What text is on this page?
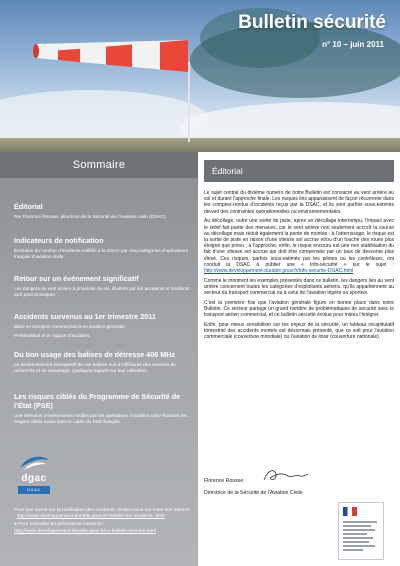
Bulletin sécurité
n° 10 – juin 2011
Sommaire
Éditorial

Par Florence Rousse, directrice de la Sécurité de l’Aviation civile (DSAC).

Indicateurs de notification

Évolution du nombre d’incidents notifiés à la DSAC par cinq catégories d’opérateurs français d’aviation civile.

Retour sur un événement significatif

Les dangers du vent arrière à proximité du sol, illustrés par les accidents et incidents qu’il peut provoquer.

Accidents survenus au 1er trimestre 2011

Bilan en transport commercial et en aviation générale.

Présentation d’un rapport d’accident.

Du bon usage des balises de détresse 406 MHz

Le déclenchement intempestif de ces balises nuit à l’efficacité des services de recherche et de sauvetage. Quelques rappels sur leur utilisation.

Les risques ciblés du Programme de Sécurité de l’État (PSE)

Une sélection d’événements notifiés par les opérateurs d’aviation civile illustrant les risques ciblés suivis dans le cadre du PSE français.

dgac
DSAC
Pour tout savoir sur la notification des incidents, rendez-vous sur notre site internet : http://www.developpement-durable.gouv.fr/-Notifier-les-incidents-.html
● Pour consulter les précédents numéros :
http://www.developpement-durable.gouv.fr/Le-bulletin-securite.html
Éditorial

Le sujet central du dixième numéro de notre Bulletin est consacré au vent arrière au sol et durant l’approche finale. Les risques liés apparaissent de façon récurrente dans les comptes-rendus d’incidents reçus par la DSAC, et ils sont parfois sous-estimés devant des contraintes opérationnelles ou environnementales.

Au décollage, outre une sortie de piste, après un décollage interrompu, l’impact avec le relief fait partie des menaces, car le vent arrière non seulement accroît la course au décollage mais réduit également la pente de montée ; à l’atterrissage, le risque est la sortie de piste en raison d’une vitesse sol accrue et/ou d’un touché des roues plus éloigné que prévu ; à l’approche, enfin, le risque encouru est une non stabilisation du fait d’une vitesse sol accrue qui doit être compensée par un taux de descente plus élevé. Ces risques, parfois sous-estimés par les pilotes ou les contrôleurs, ont conduit la DSAC à publier une « Info-sécurité » sur le sujet : http://www.developpement-durable.gouv.fr/Info-securite-DGAC.html

Comme le montrent les exemples présentés dans ce bulletin, les dangers liés au vent arrière concernent toutes les catégories d’exploitants aériens, qu’ils appartiennent au secteur du transport commercial ou à celui de l’aviation légère ou sportive.

C’est la première fois que l’aviation générale figure en bonne place dans notre Bulletin. Ce secteur partage un grand nombre de problématiques de sécurité avec le transport aérien commercial, et ce bulletin sécurité évolue pour mieux l’intégrer.

Enfin, pour mieux sensibiliser sur les enjeux de la sécurité, un tableau récapitulatif trimestriel des accidents mortels est désormais présenté, que ce soit pour l’aviation commerciale (couverture mondiale) ou l’aviation de loisir (couverture nationale).

Florence Rousse
Directrice de la Sécurité de l’Aviation Civile
